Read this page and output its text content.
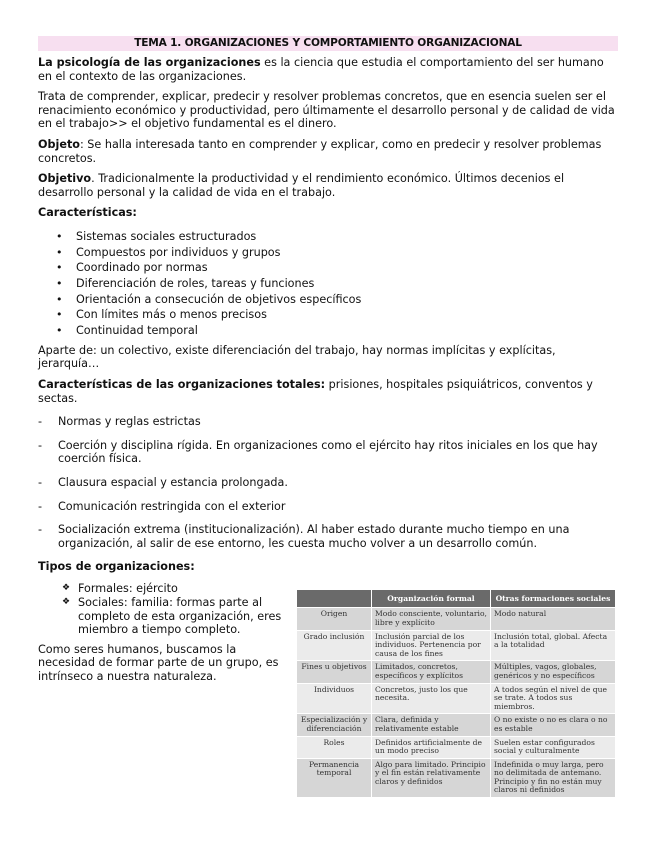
TEMA 1. ORGANIZACIONES Y COMPORTAMIENTO ORGANIZACIONAL

La psicología de las organizaciones es la ciencia que estudia el comportamiento del ser humano en el contexto de las organizaciones.

Trata de comprender, explicar, predecir y resolver problemas concretos, que en esencia suelen ser el renacimiento económico y productividad, pero últimamente el desarrollo personal y de calidad de vida en el trabajo>> el objetivo fundamental es el dinero.

Objeto: Se halla interesada tanto en comprender y explicar, como en predecir y resolver problemas concretos.

Objetivo. Tradicionalmente la productividad y el rendimiento económico. Últimos decenios el desarrollo personal y la calidad de vida en el trabajo.

Características:

• Sistemas sociales estructurados
• Compuestos por individuos y grupos
• Coordinado por normas
• Diferenciación de roles, tareas y funciones
• Orientación a consecución de objetivos específicos
• Con límites más o menos precisos
• Continuidad temporal

Aparte de: un colectivo, existe diferenciación del trabajo, hay normas implícitas y explícitas, jerarquía…

Características de las organizaciones totales: prisiones, hospitales psiquiátricos, conventos y sectas.

- Normas y reglas estrictas
- Coerción y disciplina rígida. En organizaciones como el ejército hay ritos iniciales en los que hay coerción física.
- Clausura espacial y estancia prolongada.
- Comunicación restringida con el exterior
- Socialización extrema (institucionalización). Al haber estado durante mucho tiempo en una organización, al salir de ese entorno, les cuesta mucho volver a un desarrollo común.

Tipos de organizaciones:

❖ Formales: ejército
❖ Sociales: familia: formas parte al completo de esta organización, eres miembro a tiempo completo.

Como seres humanos, buscamos la necesidad de formar parte de un grupo, es intrínseco a nuestra naturaleza.

	Organización formal	Otras formaciones sociales
Origen	Modo consciente, voluntario, libre y explícito	Modo natural
Grado inclusión	Inclusión parcial de los individuos. Pertenencia por causa de los fines	Inclusión total, global. Afecta a la totalidad
Fines u objetivos	Limitados, concretos, específicos y explícitos	Múltiples, vagos, globales, genéricos y no específicos
Individuos	Concretos, justo los que necesita.	A todos según el nivel de que se trate. A todos sus miembros.
Especialización y diferenciación	Clara, definida y relativamente estable	O no existe o no es clara o no es estable
Roles	Definidos artificialmente de un modo preciso	Suelen estar configurados social y culturalmente
Permanencia temporal	Algo para limitado. Principio y el fin están relativamente claros y definidos	Indefinida o muy larga, pero no delimitada de antemano. Principio y fin no están muy claros ni definidos
